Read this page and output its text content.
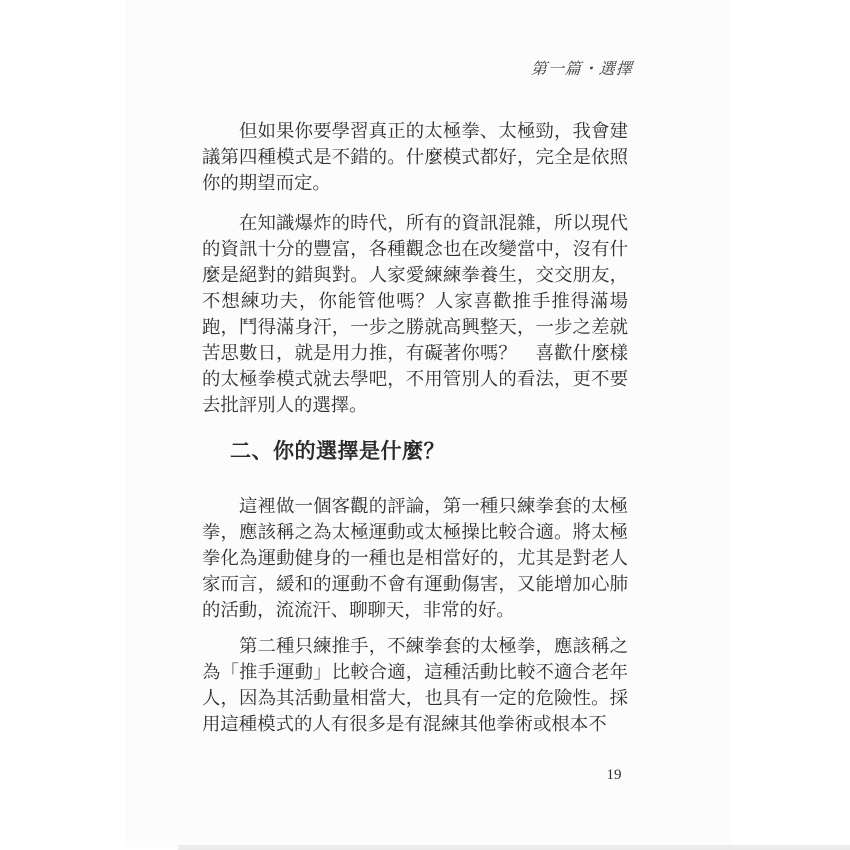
第一篇・選擇

但如果你要學習真正的太極拳、太極勁，我會建議第四種模式是不錯的。什麼模式都好，完全是依照你的期望而定。

在知識爆炸的時代，所有的資訊混雜，所以現代的資訊十分的豐富，各種觀念也在改變當中，沒有什麼是絕對的錯與對。人家愛練練拳養生，交交朋友，不想練功夫，你能管他嗎？人家喜歡推手推得滿場跑，鬥得滿身汗，一步之勝就高興整天，一步之差就苦思數日，就是用力推，有礙著你嗎？　喜歡什麼樣的太極拳模式就去學吧，不用管別人的看法，更不要去批評別人的選擇。

二、你的選擇是什麼？

這裡做一個客觀的評論，第一種只練拳套的太極拳，應該稱之為太極運動或太極操比較合適。將太極拳化為運動健身的一種也是相當好的，尤其是對老人家而言，緩和的運動不會有運動傷害，又能增加心肺的活動，流流汗、聊聊天，非常的好。

第二種只練推手，不練拳套的太極拳，應該稱之為「推手運動」比較合適，這種活動比較不適合老年人，因為其活動量相當大，也具有一定的危險性。採用這種模式的人有很多是有混練其他拳術或根本不

19
